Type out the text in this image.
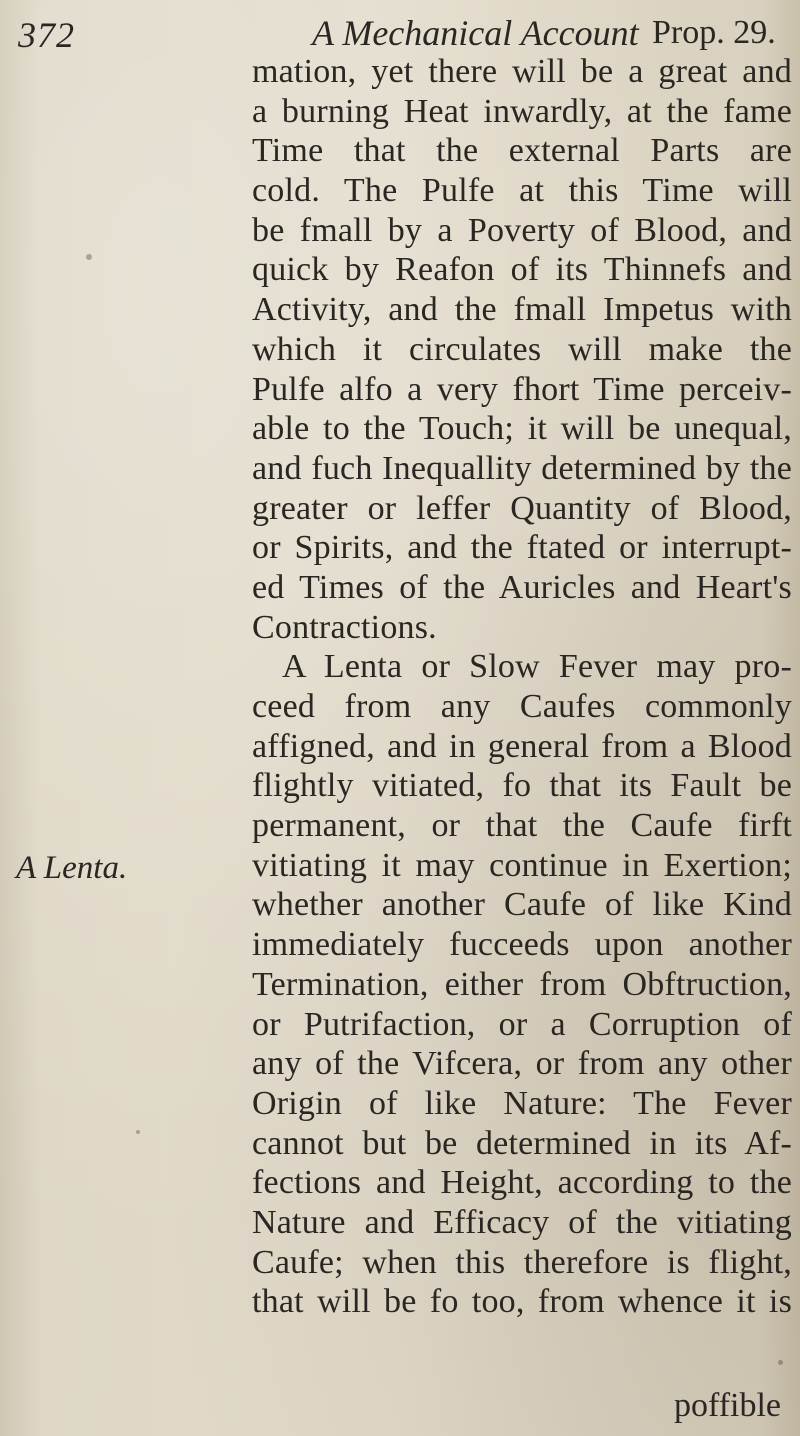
372	A Mechanical Account Prop. 29.
A Lenta.
mation, yet there will be a great and
a burning Heat inwardly, at the fame
Time that the external Parts are
cold. The Pulfe at this Time will
be fmall by a Poverty of Blood, and
quick by Reafon of its Thinnefs and
Activity, and the fmall Impetus with
which it circulates will make the
Pulfe alfo a very fhort Time perceiv-
able to the Touch; it will be unequal,
and fuch Inequallity determined by the
greater or leffer Quantity of Blood,
or Spirits, and the ftated or interrupt-
ed Times of the Auricles and Heart's
Contractions.
A Lenta or Slow Fever may pro-
ceed from any Caufes commonly
affigned, and in general from a Blood
flightly vitiated, fo that its Fault be
permanent, or that the Caufe firft
vitiating it may continue in Exertion;
whether another Caufe of like Kind
immediately fucceeds upon another
Termination, either from Obftruction,
or Putrifaction, or a Corruption of
any of the Vifcera, or from any other
Origin of like Nature: The Fever
cannot but be determined in its Af-
fections and Height, according to the
Nature and Efficacy of the vitiating
Caufe; when this therefore is flight,
that will be fo too, from whence it is
poffible
